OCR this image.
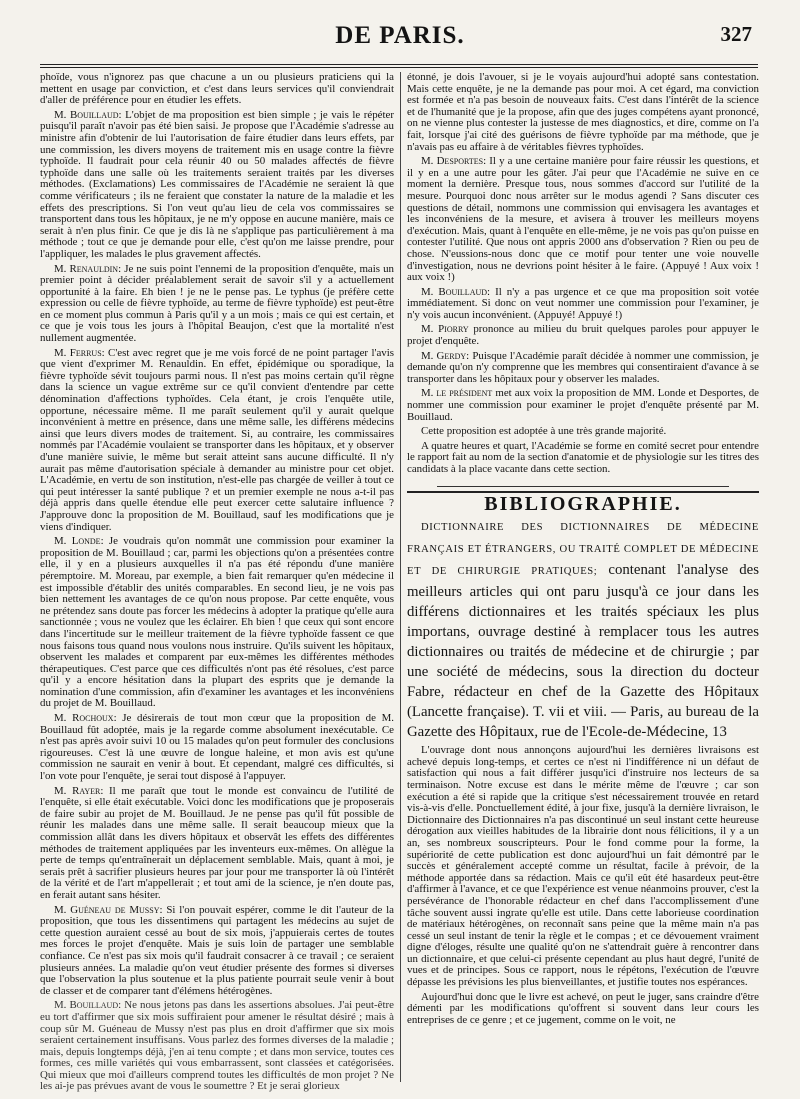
DE PARIS.	327

phoïde, vous n'ignorez pas que chacune a un ou plusieurs praticiens qui la mettent en usage par conviction, et c'est dans leurs services qu'il conviendrait d'aller de préférence pour en étudier les effets.

M. Bouillaud: L'objet de ma proposition est bien simple ; je vais le répéter puisqu'il paraît n'avoir pas été bien saisi. Je propose que l'Académie s'adresse au ministre afin d'obtenir de lui l'autorisation de faire étudier dans leurs effets, par une commission, les divers moyens de traitement mis en usage contre la fièvre typhoïde. Il faudrait pour cela réunir 40 ou 50 malades affectés de fièvre typhoïde dans une salle où les traitements seraient traités par les diverses méthodes. (Exclamations) Les commissaires de l'Académie ne seraient là que comme vérificateurs ; ils ne feraient que constater la nature de la maladie et les effets des prescriptions. Si l'on veut qu'au lieu de cela vos commissaires se transportent dans tous les hôpitaux, je ne m'y oppose en aucune manière, mais ce serait à n'en plus finir. Ce que je dis là ne s'applique pas particulièrement à ma méthode ; tout ce que je demande pour elle, c'est qu'on me laisse prendre, pour l'appliquer, les malades le plus gravement affectés.

M. Renauldin: Je ne suis point l'ennemi de la proposition d'enquête, mais un premier point à décider préalablement serait de savoir s'il y a actuellement opportunité à la faire. Eh bien ! je ne le pense pas. Le typhus (je préfère cette expression ou celle de fièvre typhoïde, au terme de fièvre typhoïde) est peut-être en ce moment plus commun à Paris qu'il y a un mois ; mais ce qui est certain, et ce que je vois tous les jours à l'hôpital Beaujon, c'est que la mortalité n'est nullement augmentée.

M. Ferrus: C'est avec regret que je me vois forcé de ne point partager l'avis que vient d'exprimer M. Renauldin. En effet, épidémique ou sporadique, la fièvre typhoïde sévit toujours parmi nous. Il n'est pas moins certain qu'il règne dans la science un vague extrême sur ce qu'il convient d'entendre par cette dénomination d'affections typhoïdes. Cela étant, je crois l'enquête utile, opportune, nécessaire même. Il me paraît seulement qu'il y aurait quelque inconvénient à mettre en présence, dans une même salle, les différens médecins ainsi que leurs divers modes de traitement. Si, au contraire, les commissaires nommés par l'Académie voulaient se transporter dans les hôpitaux, et y observer d'une manière suivie, le même but serait atteint sans aucune difficulté. Il n'y aurait pas même d'autorisation spéciale à demander au ministre pour cet objet. L'Académie, en vertu de son institution, n'est-elle pas chargée de veiller à tout ce qui peut intéresser la santé publique ? et un premier exemple ne nous a-t-il pas déjà appris dans quelle étendue elle peut exercer cette salutaire influence ? J'approuve donc la proposition de M. Bouillaud, sauf les modifications que je viens d'indiquer.

M. Londe: Je voudrais qu'on nommât une commission pour examiner la proposition de M. Bouillaud ; car, parmi les objections qu'on a présentées contre elle, il y en a plusieurs auxquelles il n'a pas été répondu d'une manière péremptoire. M. Moreau, par exemple, a bien fait remarquer qu'en médecine il est impossible d'établir des unités comparables. En second lieu, je ne vois pas bien nettement les avantages de ce qu'on nous propose. Par cette enquête, vous ne prétendez sans doute pas forcer les médecins à adopter la pratique qu'elle aura sanctionnée ; vous ne voulez que les éclairer. Eh bien ! que ceux qui sont encore dans l'incertitude sur le meilleur traitement de la fièvre typhoïde fassent ce que nous faisons tous quand nous voulons nous instruire. Qu'ils suivent les hôpitaux, observent les malades et comparent par eux-mêmes les différentes méthodes thérapeutiques. C'est parce que ces difficultés n'ont pas été résolues, c'est parce qu'il y a encore hésitation dans la plupart des esprits que je demande la nomination d'une commission, afin d'examiner les avantages et les inconvéniens du projet de M. Bouillaud.

M. Rochoux: Je désirerais de tout mon cœur que la proposition de M. Bouillaud fût adoptée, mais je la regarde comme absolument inexécutable. Ce n'est pas après avoir suivi 10 ou 15 malades qu'on peut formuler des conclusions rigoureuses. C'est là une œuvre de longue haleine, et mon avis est qu'une commission ne saurait en venir à bout. Et cependant, malgré ces difficultés, si l'on vote pour l'enquête, je serai tout disposé à l'appuyer.

M. Rayer: Il me paraît que tout le monde est convaincu de l'utilité de l'enquête, si elle était exécutable. Voici donc les modifications que je proposerais de faire subir au projet de M. Bouillaud. Je ne pense pas qu'il fût possible de réunir les malades dans une même salle. Il serait beaucoup mieux que la commission allât dans les divers hôpitaux et observât les effets des différentes méthodes de traitement appliquées par les inventeurs eux-mêmes. On allègue la perte de temps qu'entraînerait un déplacement semblable. Mais, quant à moi, je serais prêt à sacrifier plusieurs heures par jour pour me transporter là où l'intérêt de la vérité et de l'art m'appellerait ; et tout ami de la science, je n'en doute pas, en ferait autant sans hésiter.

M. Guéneau de Mussy: Si l'on pouvait espérer, comme le dit l'auteur de la proposition, que tous les dissentimens qui partagent les médecins au sujet de cette question auraient cessé au bout de six mois, j'appuierais certes de toutes mes forces le projet d'enquête. Mais je suis loin de partager une semblable confiance. Ce n'est pas six mois qu'il faudrait consacrer à ce travail ; ce seraient plusieurs années. La maladie qu'on veut étudier présente des formes si diverses que l'observation la plus soutenue et la plus patiente pourrait seule venir à bout de classer et de comparer tant d'élémens hétérogènes.

M. Bouillaud: Ne nous jetons pas dans les assertions absolues. J'ai peut-être eu tort d'affirmer que six mois suffiraient pour amener le résultat désiré ; mais à coup sûr M. Guéneau de Mussy n'est pas plus en droit d'affirmer que six mois seraient certainement insuffisans. Vous parlez des formes diverses de la maladie ; mais, depuis longtemps déjà, j'en ai tenu compte ; et dans mon service, toutes ces formes, ces mille variétés qui vous embarrassent, sont classées et catégorisées. Qui mieux que moi d'ailleurs comprend toutes les difficultés de mon projet ? Ne les ai-je pas prévues avant de vous le soumettre ? Et je serai glorieux

étonné, je dois l'avouer, si je le voyais aujourd'hui adopté sans contestation. Mais cette enquête, je ne la demande pas pour moi. A cet égard, ma conviction est formée et n'a pas besoin de nouveaux faits. C'est dans l'intérêt de la science et de l'humanité que je la propose, afin que des juges compétens ayant prononcé, on ne vienne plus contester la justesse de mes diagnostics, et dire, comme on l'a fait, lorsque j'ai cité des guérisons de fièvre typhoïde par ma méthode, que je n'avais pas eu affaire à de véritables fièvres typhoïdes.

M. Desportes: Il y a une certaine manière pour faire réussir les questions, et il y en a une autre pour les gâter. J'ai peur que l'Académie ne suive en ce moment la dernière. Presque tous, nous sommes d'accord sur l'utilité de la mesure. Pourquoi donc nous arrêter sur le modus agendi ? Sans discuter ces questions de détail, nommons une commission qui envisagera les avantages et les inconvéniens de la mesure, et avisera à trouver les meilleurs moyens d'exécution. Mais, quant à l'enquête en elle-même, je ne vois pas qu'on puisse en contester l'utilité. Que nous ont appris 2000 ans d'observation ? Rien ou peu de chose. N'eussions-nous donc que ce motif pour tenter une voie nouvelle d'investigation, nous ne devrions point hésiter à le faire. (Appuyé ! Aux voix ! aux voix !)

M. Bouillaud: Il n'y a pas urgence et ce que ma proposition soit votée immédiatement. Si donc on veut nommer une commission pour l'examiner, je n'y vois aucun inconvénient. (Appuyé! Appuyé !)

M. Piorry prononce au milieu du bruit quelques paroles pour appuyer le projet d'enquête.

M. Gerdy: Puisque l'Académie paraît décidée à nommer une commission, je demande qu'on n'y comprenne que les membres qui consentiraient d'avance à se transporter dans les hôpitaux pour y observer les malades.

M. le président met aux voix la proposition de MM. Londe et Desportes, de nommer une commission pour examiner le projet d'enquête présenté par M. Bouillaud.

Cette proposition est adoptée à une très grande majorité.

A quatre heures et quart, l'Académie se forme en comité secret pour entendre le rapport fait au nom de la section d'anatomie et de physiologie sur les titres des candidats à la place vacante dans cette section.

BIBLIOGRAPHIE.

DICTIONNAIRE DES DICTIONNAIRES DE MÉDECINE FRANÇAIS ET ÉTRANGERS, OU TRAITÉ COMPLET DE MÉDECINE ET DE CHIRURGIE PRATIQUES; contenant l'analyse des meilleurs articles qui ont paru jusqu'à ce jour dans les différens dictionnaires et les traités spéciaux les plus importans, ouvrage destiné à remplacer tous les autres dictionnaires ou traités de médecine et de chirurgie ; par une société de médecins, sous la direction du docteur Fabre, rédacteur en chef de la Gazette des Hôpitaux (Lancette française). T. vii et viii. — Paris, au bureau de la Gazette des Hôpitaux, rue de l'Ecole-de-Médecine, 13

L'ouvrage dont nous annonçons aujourd'hui les dernières livraisons est achevé depuis long-temps, et certes ce n'est ni l'indifférence ni un défaut de satisfaction qui nous a fait différer jusqu'ici d'instruire nos lecteurs de sa terminaison. Notre excuse est dans le mérite même de l'œuvre ; car son exécution a été si rapide que la critique s'est nécessairement trouvée en retard vis-à-vis d'elle. Ponctuellement édité, à jour fixe, jusqu'à la dernière livraison, le Dictionnaire des Dictionnaires n'a pas discontinué un seul instant cette heureuse dérogation aux vieilles habitudes de la librairie dont nous félicitions, il y a un an, ses nombreux souscripteurs. Pour le fond comme pour la forme, la supériorité de cette publication est donc aujourd'hui un fait démontré par le succès et généralement accepté comme un résultat, facile à prévoir, de la méthode apportée dans sa rédaction. Mais ce qu'il eût été hasardeux peut-être d'affirmer à l'avance, et ce que l'expérience est venue néanmoins prouver, c'est la persévérance de l'honorable rédacteur en chef dans l'accomplissement d'une tâche souvent aussi ingrate qu'elle est utile. Dans cette laborieuse coordination de matériaux hétérogènes, on reconnaît sans peine que la même main n'a pas cessé un seul instant de tenir la règle et le compas ; et ce dévouement vraiment digne d'éloges, résulte une qualité qu'on ne s'attendrait guère à rencontrer dans un dictionnaire, et que celui-ci présente cependant au plus haut degré, l'unité de vues et de principes. Sous ce rapport, nous le répétons, l'exécution de l'œuvre dépasse les prévisions les plus bienveillantes, et justifie toutes nos espérances.

Aujourd'hui donc que le livre est achevé, on peut le juger, sans craindre d'être démenti par les modifications qu'offrent si souvent dans leur cours les entreprises de ce genre ; et ce jugement, comme on le voit, ne
